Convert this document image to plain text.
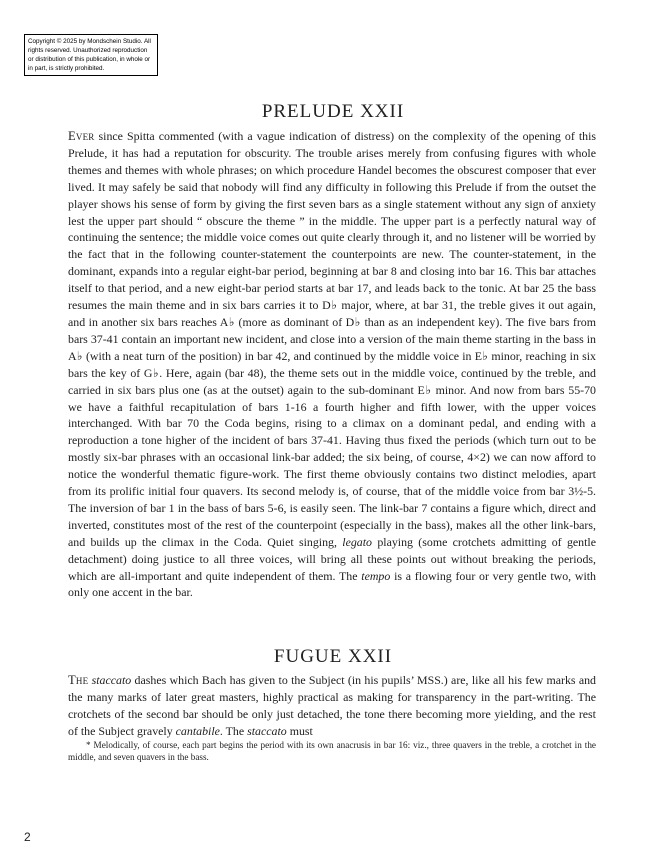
Copyright © 2025 by Mondschein Studio. All rights reserved. Unauthorized reproduction or distribution of this publication, in whole or in part, is strictly prohibited.
PRELUDE XXII

Ever since Spitta commented (with a vague indication of distress) on the complexity of the opening of this Prelude, it has had a reputation for obscurity. The trouble arises merely from confusing figures with whole themes and themes with whole phrases; on which procedure Handel becomes the obscurest composer that ever lived. It may safely be said that nobody will find any difficulty in following this Prelude if from the outset the player shows his sense of form by giving the first seven bars as a single statement without any sign of anxiety lest the upper part should “ obscure the theme ” in the middle. The upper part is a perfectly natural way of continuing the sentence; the middle voice comes out quite clearly through it, and no listener will be worried by the fact that in the following counter-statement the counterpoints are new. The counter-statement, in the dominant, expands into a regular eight-bar period, beginning at bar 8 and closing into bar 16. This bar attaches itself to that period, and a new eight-bar period starts at bar 17, and leads back to the tonic. At bar 25 the bass resumes the main theme and in six bars carries it to D♭ major, where, at bar 31, the treble gives it out again, and in another six bars reaches A♭ (more as dominant of D♭ than as an independent key). The five bars from bars 37-41 contain an important new incident, and close into a version of the main theme starting in the bass in A♭ (with a neat turn of the position) in bar 42, and continued by the middle voice in E♭ minor, reaching in six bars the key of G♭. Here, again (bar 48), the theme sets out in the middle voice, continued by the treble, and carried in six bars plus one (as at the outset) again to the sub-dominant E♭ minor. And now from bars 55-70 we have a faithful recapitulation of bars 1-16 a fourth higher and fifth lower, with the upper voices interchanged. With bar 70 the Coda begins, rising to a climax on a dominant pedal, and ending with a reproduction a tone higher of the incident of bars 37-41. Having thus fixed the periods (which turn out to be mostly six-bar phrases with an occasional link-bar added; the six being, of course, 4×2) we can now afford to notice the wonderful thematic figure-work. The first theme obviously contains two distinct melodies, apart from its prolific initial four quavers. Its second melody is, of course, that of the middle voice from bar 3½-5. The inversion of bar 1 in the bass of bars 5-6, is easily seen. The link-bar 7 contains a figure which, direct and inverted, constitutes most of the rest of the counterpoint (especially in the bass), makes all the other link-bars, and builds up the climax in the Coda. Quiet singing, legato playing (some crotchets admitting of gentle detachment) doing justice to all three voices, will bring all these points out without breaking the periods, which are all-important and quite independent of them. The tempo is a flowing four or very gentle two, with only one accent in the bar.

FUGUE XXII

The staccato dashes which Bach has given to the Subject (in his pupils’ MSS.) are, like all his few marks and the many marks of later great masters, highly practical as making for transparency in the part-writing. The crotchets of the second bar should be only just detached, the tone there becoming more yielding, and the rest of the Subject gravely cantabile. The staccato must

* Melodically, of course, each part begins the period with its own anacrusis in bar 16: viz., three quavers in the treble, a crotchet in the middle, and seven quavers in the bass.

2
